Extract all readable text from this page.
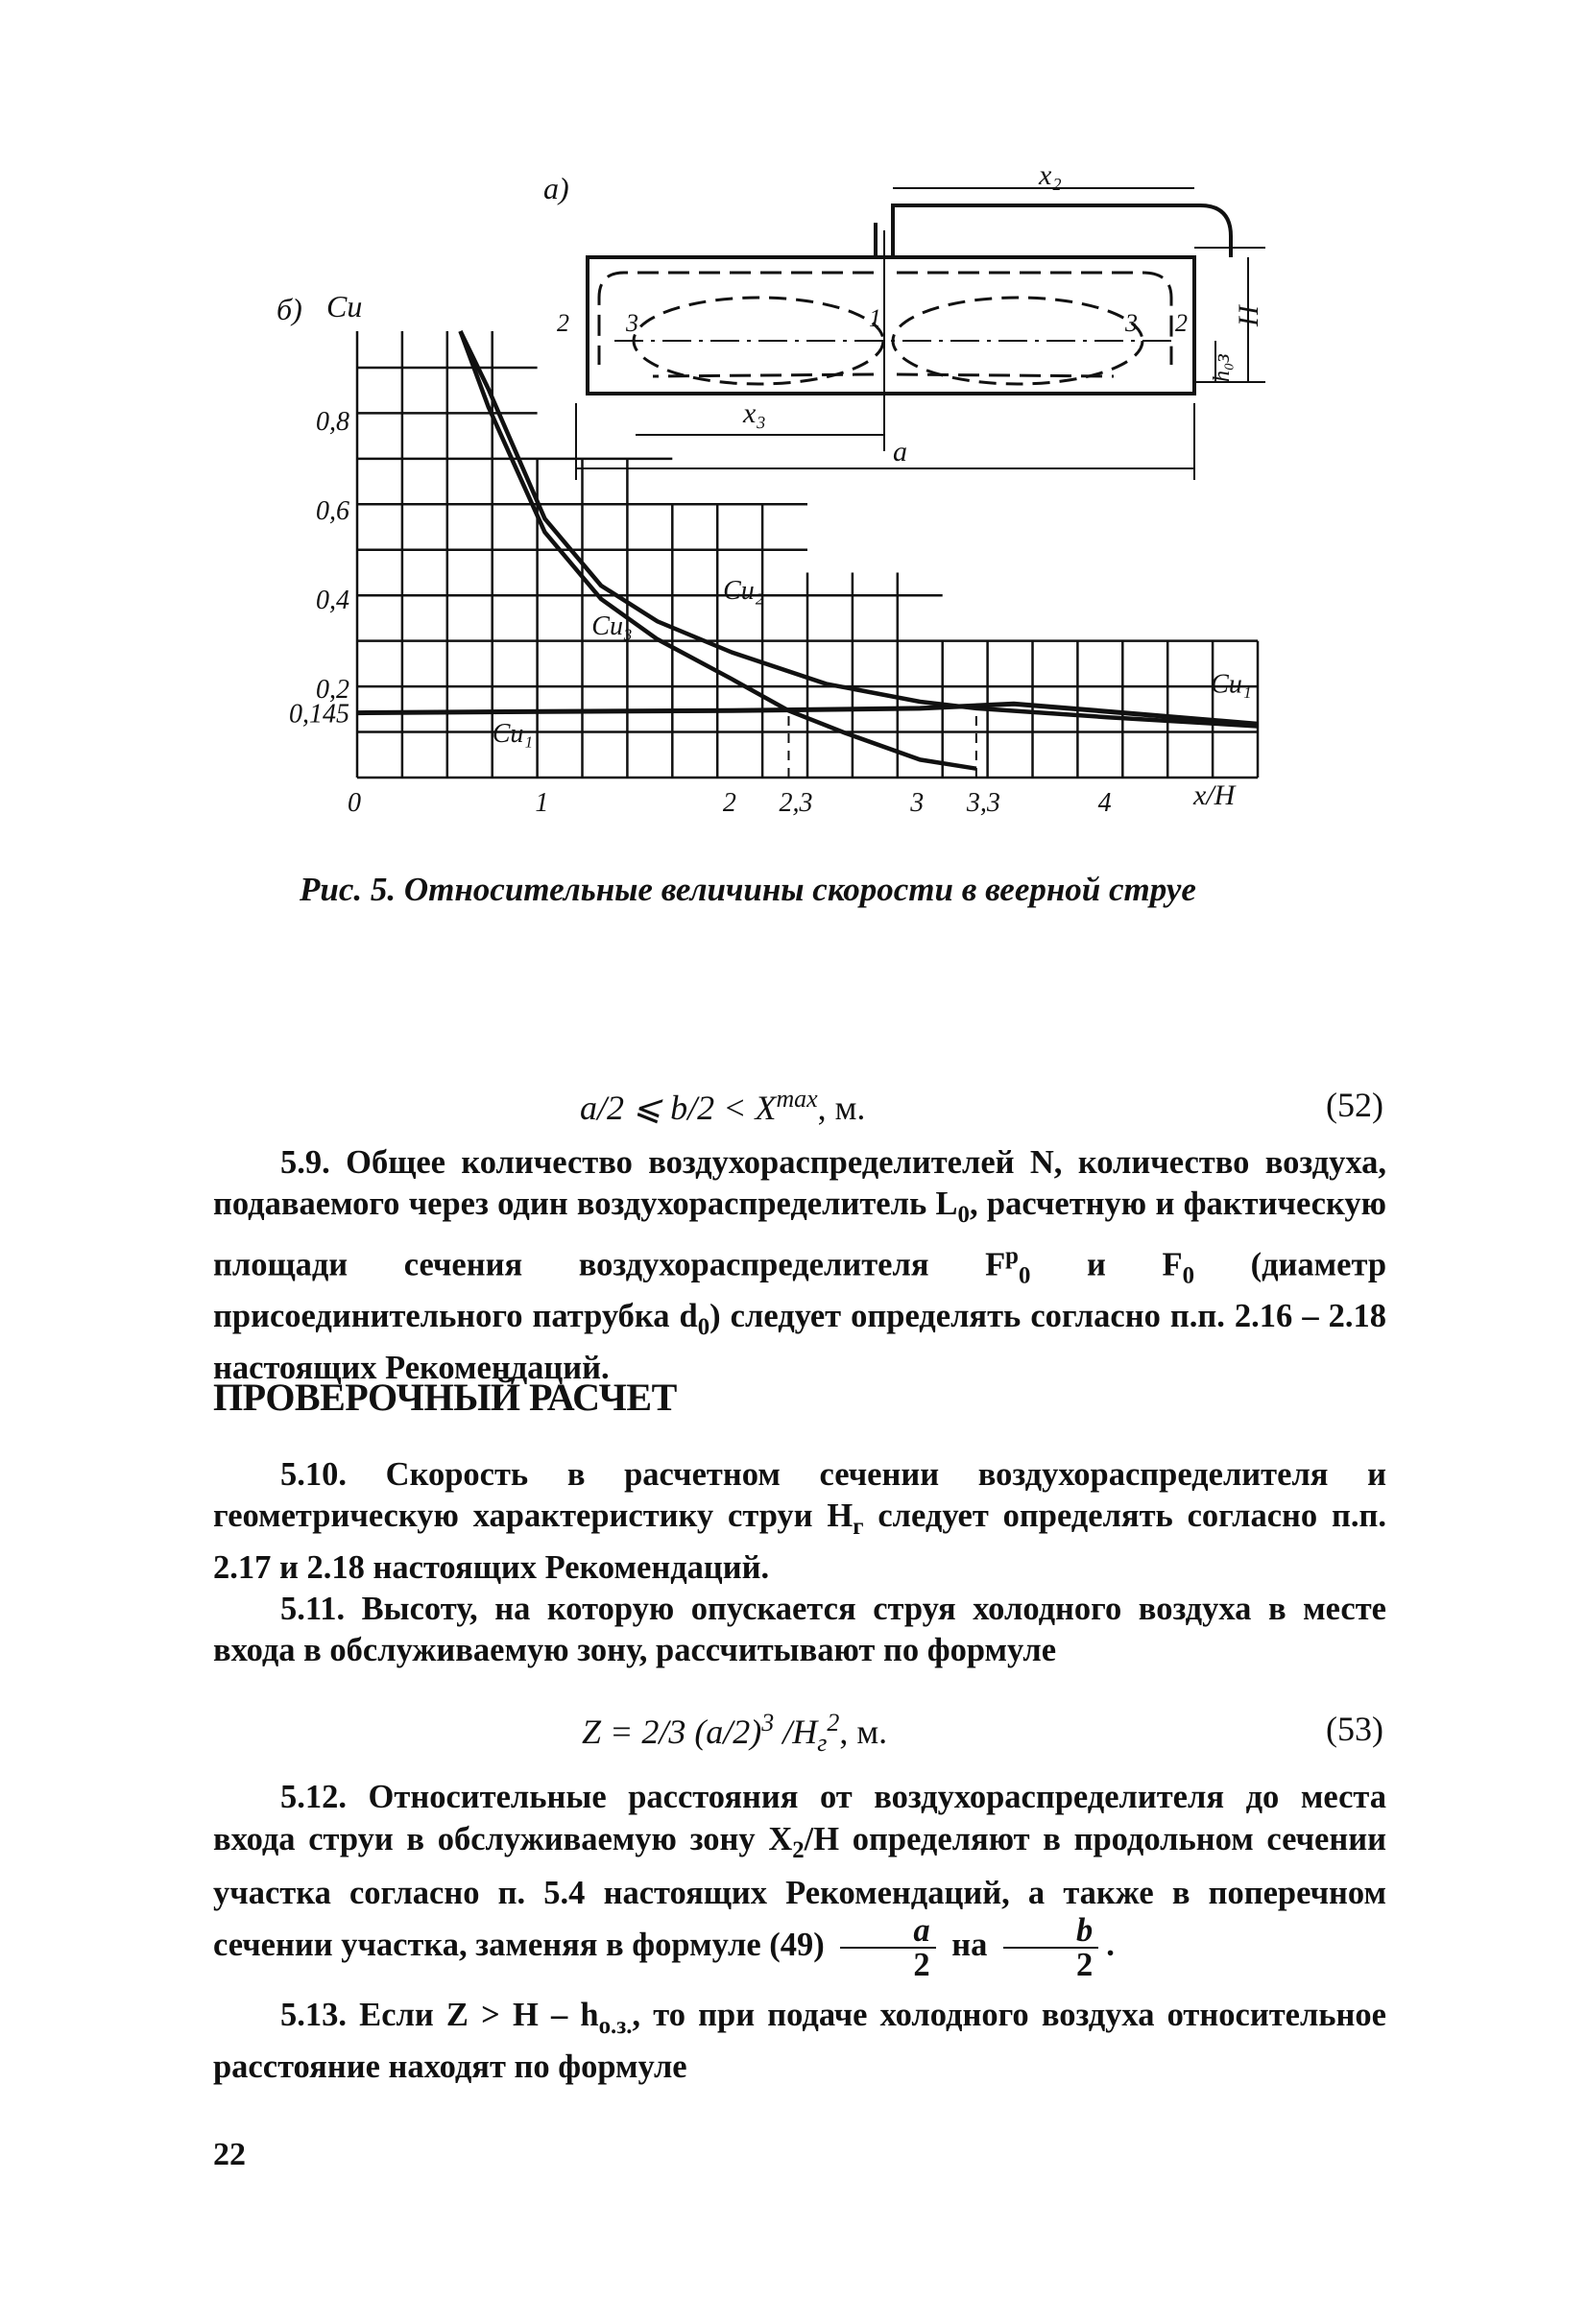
а)	x₂
x₃
a
H
h₀з
2 3	1	3 2
б) Cu
x/H
0	1	2 2,3	3 3,3	4
0,8
0,6
0,4
0,2
0,145
Cu₁
Cu₂
Cu₃
Cu₁
Рис. 5. Относительные величины скорости в веерной струе
a/2 ⩽ $b/2 < X^{max}$, м.	(52)
5.9. Общее количество воздухораспределителей N, количество воздуха, подаваемого через один воздухораспределитель $L_0$, расчетную и фактическую площади сечения воздухораспределителя $F^p_0$ и $F_0$ (диаметр присоединительного патрубка $d_0$) следует определять согласно п.п. 2.16 – 2.18 настоящих Рекомендаций.
ПРОВЕРОЧНЫЙ РАСЧЕТ
5.10. Скорость в расчетном сечении воздухораспределителя и геометрическую характеристику струи $H_г$ следует определять согласно п.п. 2.17 и 2.18 настоящих Рекомендаций.
5.11. Высоту, на которую опускается струя холодного воздуха в месте входа в обслуживаемую зону, рассчитывают по формуле
Z = 2/3 $(a/2)^3$ $/H_г^2$, м.	(53)
5.12. Относительные расстояния от воздухораспределителя до места входа струи в обслуживаемую зону $X_2/H$ определяют в продольном сечении участка согласно п. 5.4 настоящих Рекомендаций, а также в поперечном сечении участка, заменяя в формуле $(49) \frac{a}{2}$ на $\frac{b}{2}$ .
5.13. Если $Z > H - h_{о.з.}$, то при подаче холодного воздуха относительное расстояние находят по формуле
22
